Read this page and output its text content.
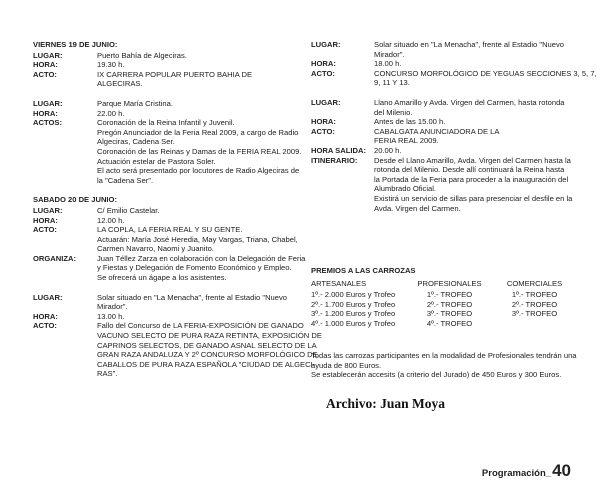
VIERNES 19 DE JUNIO:
LUGAR:	Puerto Bahía de Algeciras.
HORA:	19.30 h.
ACTO:	IX CARRERA POPULAR PUERTO BAHIA DE
ALGECIRAS.
LUGAR:	Parque María Cristina.
HORA:	22.00 h.
ACTOS:	Coronación de la Reina Infantil y Juvenil.
Pregón Anunciador de la Feria Real 2009, a cargo de Radio
Algeciras, Cadena Ser.
Coronación de las Reinas y Damas de la FERIA REAL 2009.
Actuación estelar de Pastora Soler.
El acto será presentado por locutores de Radio Algeciras de
la "Cadena Ser".
SABADO 20 DE JUNIO:
LUGAR:	C/ Emilio Castelar.
HORA:	12.00 h.
ACTO:	LA COPLA, LA FERIA REAL Y SU GENTE.
Actuarán: María José Heredia, May Vargas, Triana, Chabel,
Carmen Navarro, Naomi y Juanito.
ORGANIZA:	Juan Téllez Zarza en colaboración con la Delegación de Feria
y Fiestas y Delegación de Fomento Económico y Empleo.
Se ofrecerá un ágape a los asistentes.
LUGAR:	Solar situado en "La Menacha", frente al Estadio "Nuevo
Mirador".
HORA:	13.00 h.
ACTO:	Fallo del Concurso de LA FERIA-EXPOSICIÓN DE GANADO
VACUNO SELECTO DE PURA RAZA RETINTA, EXPOSICIÓN DE
CAPRINOS SELECTOS, DE GANADO ASNAL SELECTO DE LA
GRAN RAZA ANDALUZA Y 2º CONCURSO MORFOLÓGICO DE
CABALLOS DE PURA RAZA ESPAÑOLA "CIUDAD DE ALGECI-
RAS".
LUGAR:	Solar situado en "La Menacha", frente al Estadio "Nuevo
Mirador".
HORA:	18.00 h.
ACTO:	CONCURSO MORFOLÓGICO DE YEGUAS SECCIONES 3, 5, 7,
9, 11 Y 13.
LUGAR:	Llano Amarillo y Avda. Virgen del Carmen, hasta rotonda
del Milenio.
HORA:	Antes de las 15.00 h.
ACTO:	CABALGATA ANUNCIADORA DE LA
FERIA REAL 2009.
HORA SALIDA:	20.00 h.
ITINERARIO:	Desde el Llano Amarillo, Avda. Virgen del Carmen hasta la
rotonda del Milenio. Desde allí continuará la Reina hasta
la Portada de la Feria para proceder a la inauguración del
Alumbrado Oficial.
Existirá un servicio de sillas para presenciar el desfile en la
Avda. Virgen del Carmen.
PREMIOS A LAS CARROZAS
ARTESANALES	PROFESIONALES	COMERCIALES
1º.- 2.000 Euros y Trofeo	1º.- TROFEO	1º.- TROFEO
2º.- 1.700 Euros y Trofeo	2º.- TROFEO	2º.- TROFEO
3º.- 1.200 Euros y Trofeo	3º.- TROFEO	3º.- TROFEO
4º.- 1.000 Euros y Trofeo	4º.- TROFEO
Todas las carrozas participantes en la modalidad de Profesionales tendrán una
ayuda de 800 Euros.
Se establecerán accesits (a criterio del Jurado) de 450 Euros y 300 Euros.
Archivo: Juan Moya
Programación_ 40
